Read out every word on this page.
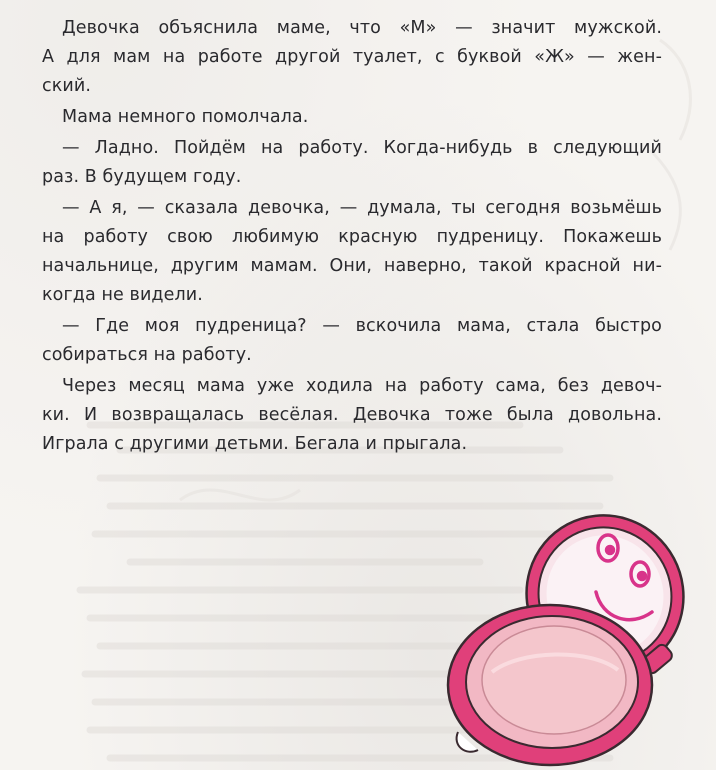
Девочка объяснила маме, что «М» — значит мужской.
А для мам на работе другой туалет, с буквой «Ж» — жен-
ский.

Мама немного помолчала.

— Ладно. Пойдём на работу. Когда-нибудь в следующий
раз. В будущем году.

— А я, — сказала девочка, — думала, ты сегодня возьмёшь
на работу свою любимую красную пудреницу. Покажешь
начальнице, другим мамам. Они, наверно, такой красной ни-
когда не видели.

— Где моя пудреница? — вскочила мама, стала быстро
собираться на работу.

Через месяц мама уже ходила на работу сама, без девоч-
ки. И возвращалась весёлая. Девочка тоже была довольна.
Играла с другими детьми. Бегала и прыгала.
